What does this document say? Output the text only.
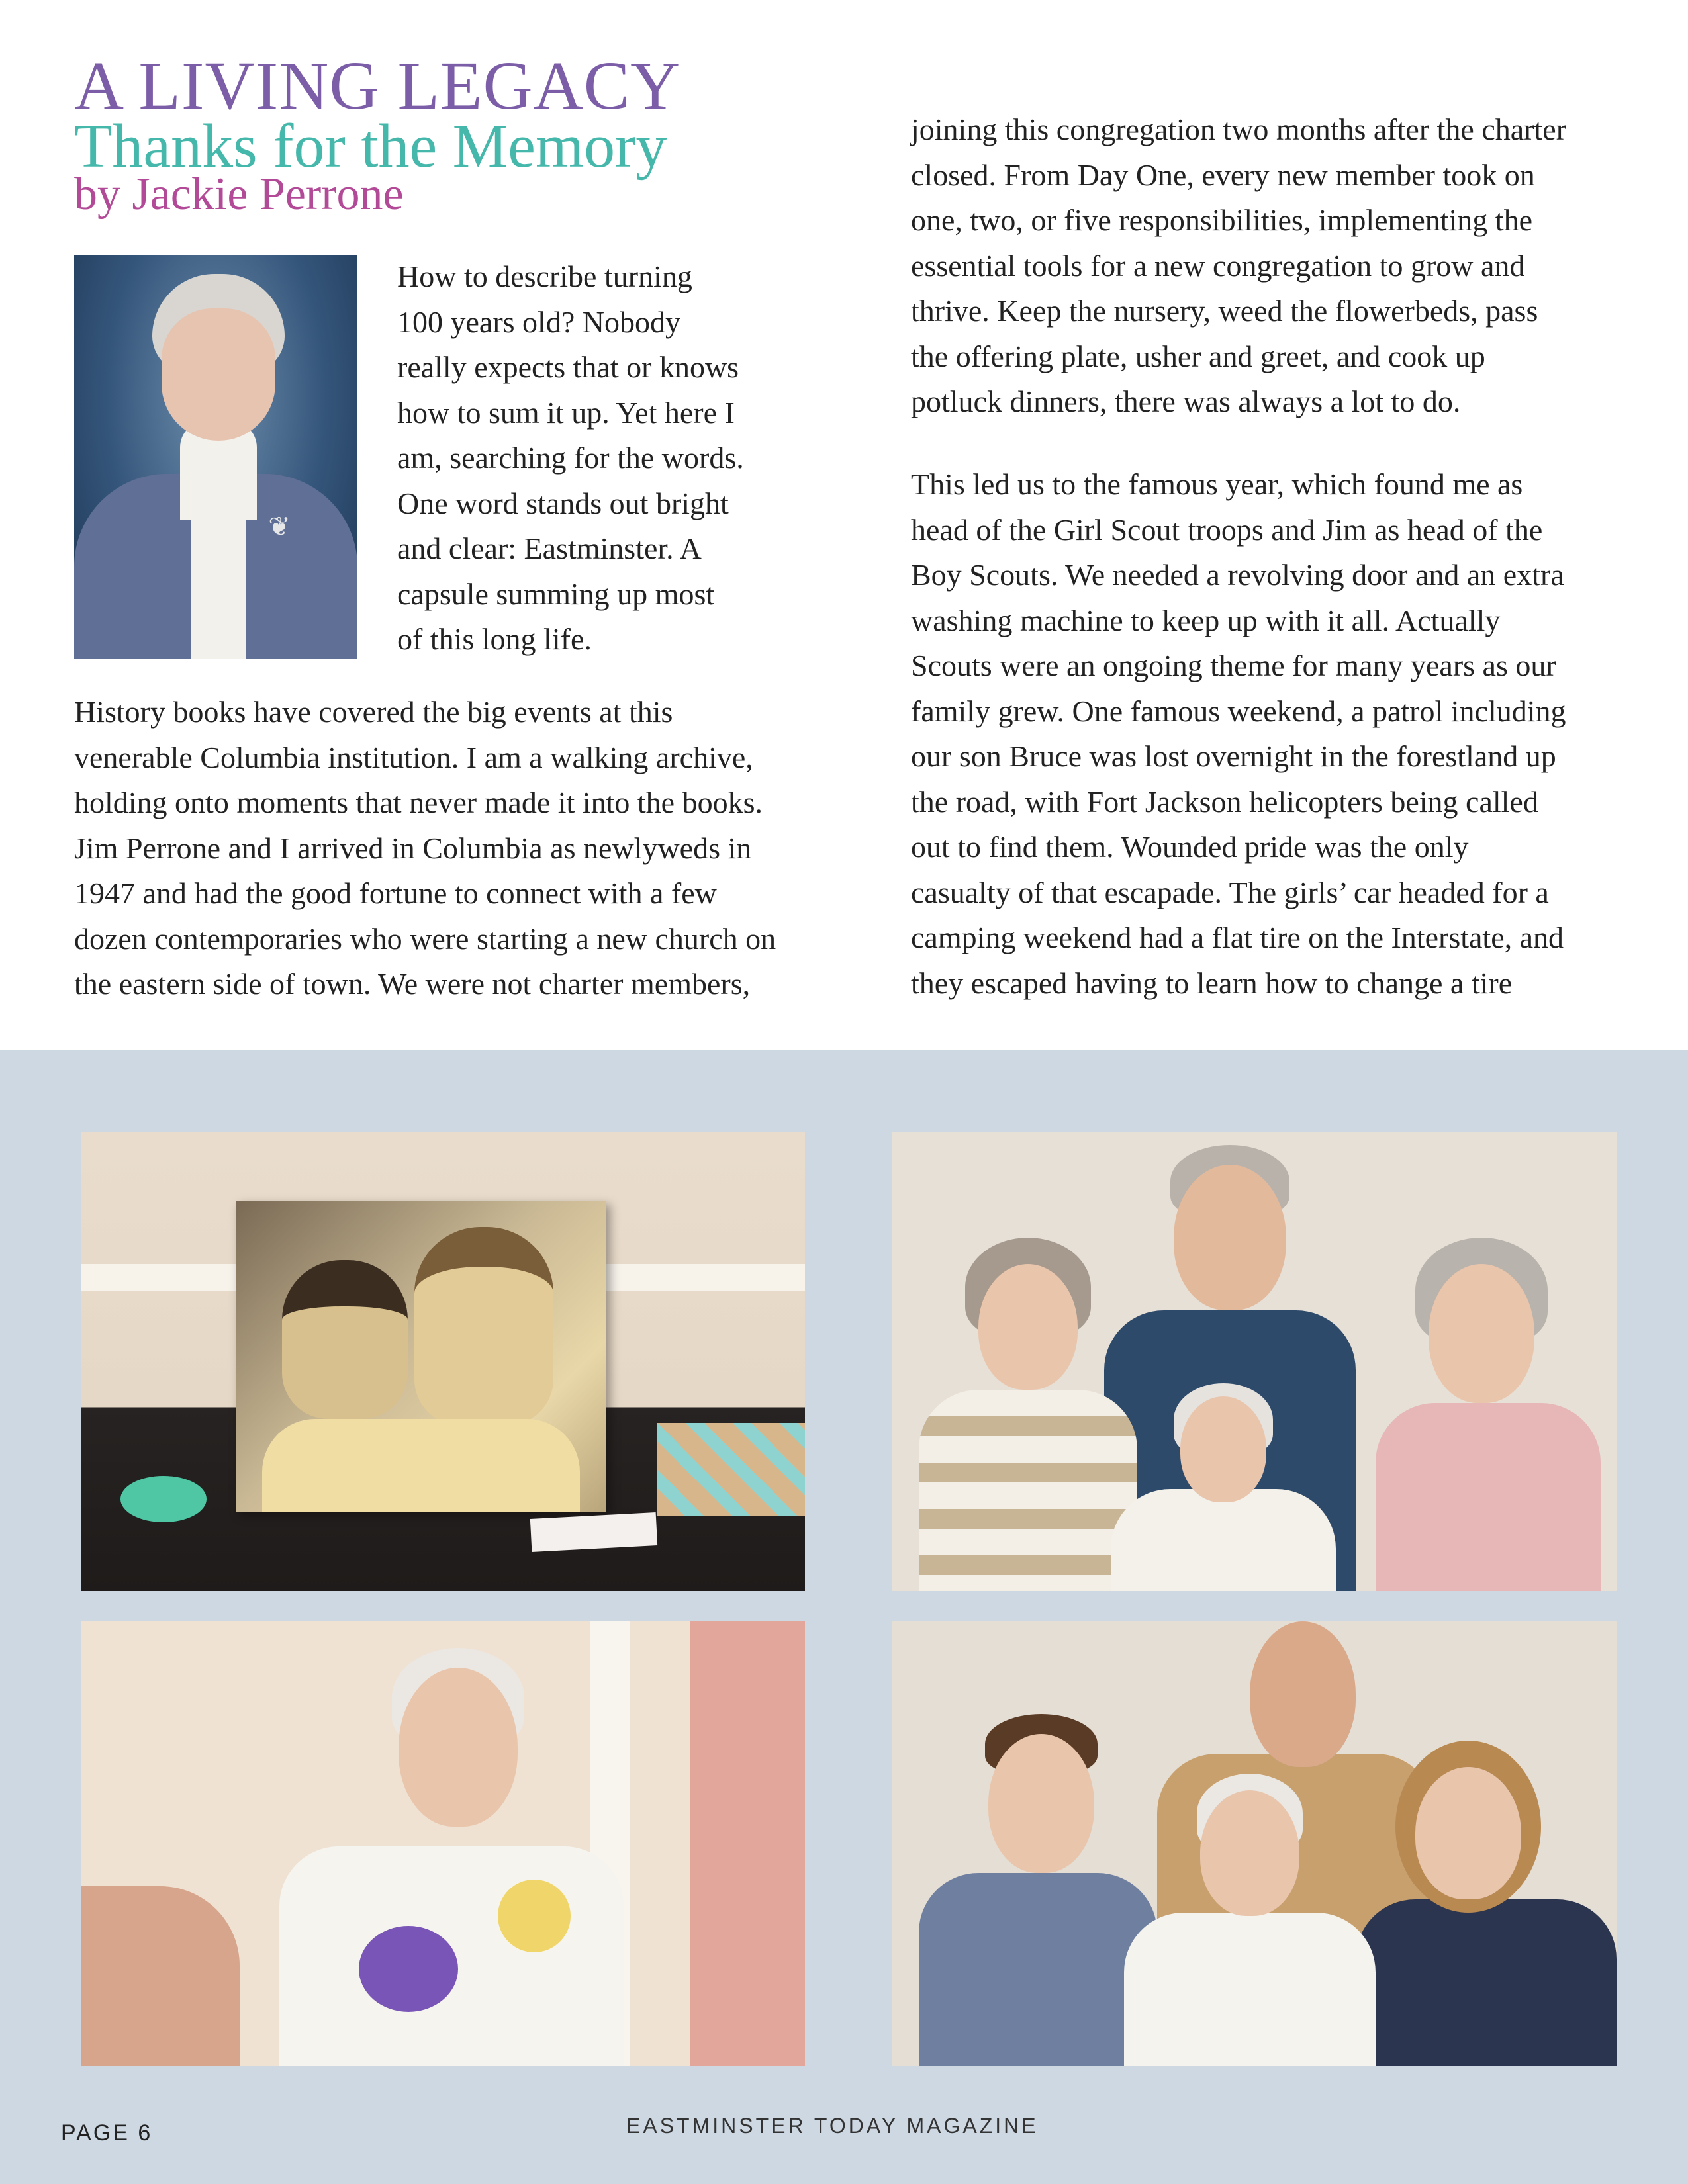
A LIVING LEGACY
Thanks for the Memory
by Jackie Perrone
❦

How to describe turning

100 years old? Nobody

really expects that or knows

how to sum it up. Yet here I

am, searching for the words.

One word stands out bright

and clear: Eastminster. A

capsule summing up most

of this long life.

History books have covered the big events at this

venerable Columbia institution. I am a walking archive,

holding onto moments that never made it into the books.

Jim Perrone and I arrived in Columbia as newlyweds in

1947 and had the good fortune to connect with a few

dozen contemporaries who were starting a new church on

the eastern side of town. We were not charter members,

joining this congregation two months after the charter

closed. From Day One, every new member took on

one, two, or five responsibilities, implementing the

essential tools for a new congregation to grow and

thrive. Keep the nursery, weed the flowerbeds, pass

the offering plate, usher and greet, and cook up

potluck dinners, there was always a lot to do.

This led us to the famous year, which found me as

head of the Girl Scout troops and Jim as head of the

Boy Scouts. We needed a revolving door and an extra

washing machine to keep up with it all. Actually

Scouts were an ongoing theme for many years as our

family grew. One famous weekend, a patrol including

our son Bruce was lost overnight in the forestland up

the road, with Fort Jackson helicopters being called

out to find them. Wounded pride was the only

casualty of that escapade. The girls’ car headed for a

camping weekend had a flat tire on the Interstate, and

they escaped having to learn how to change a tire

PAGE 6	EASTMINSTER TODAY MAGAZINE
